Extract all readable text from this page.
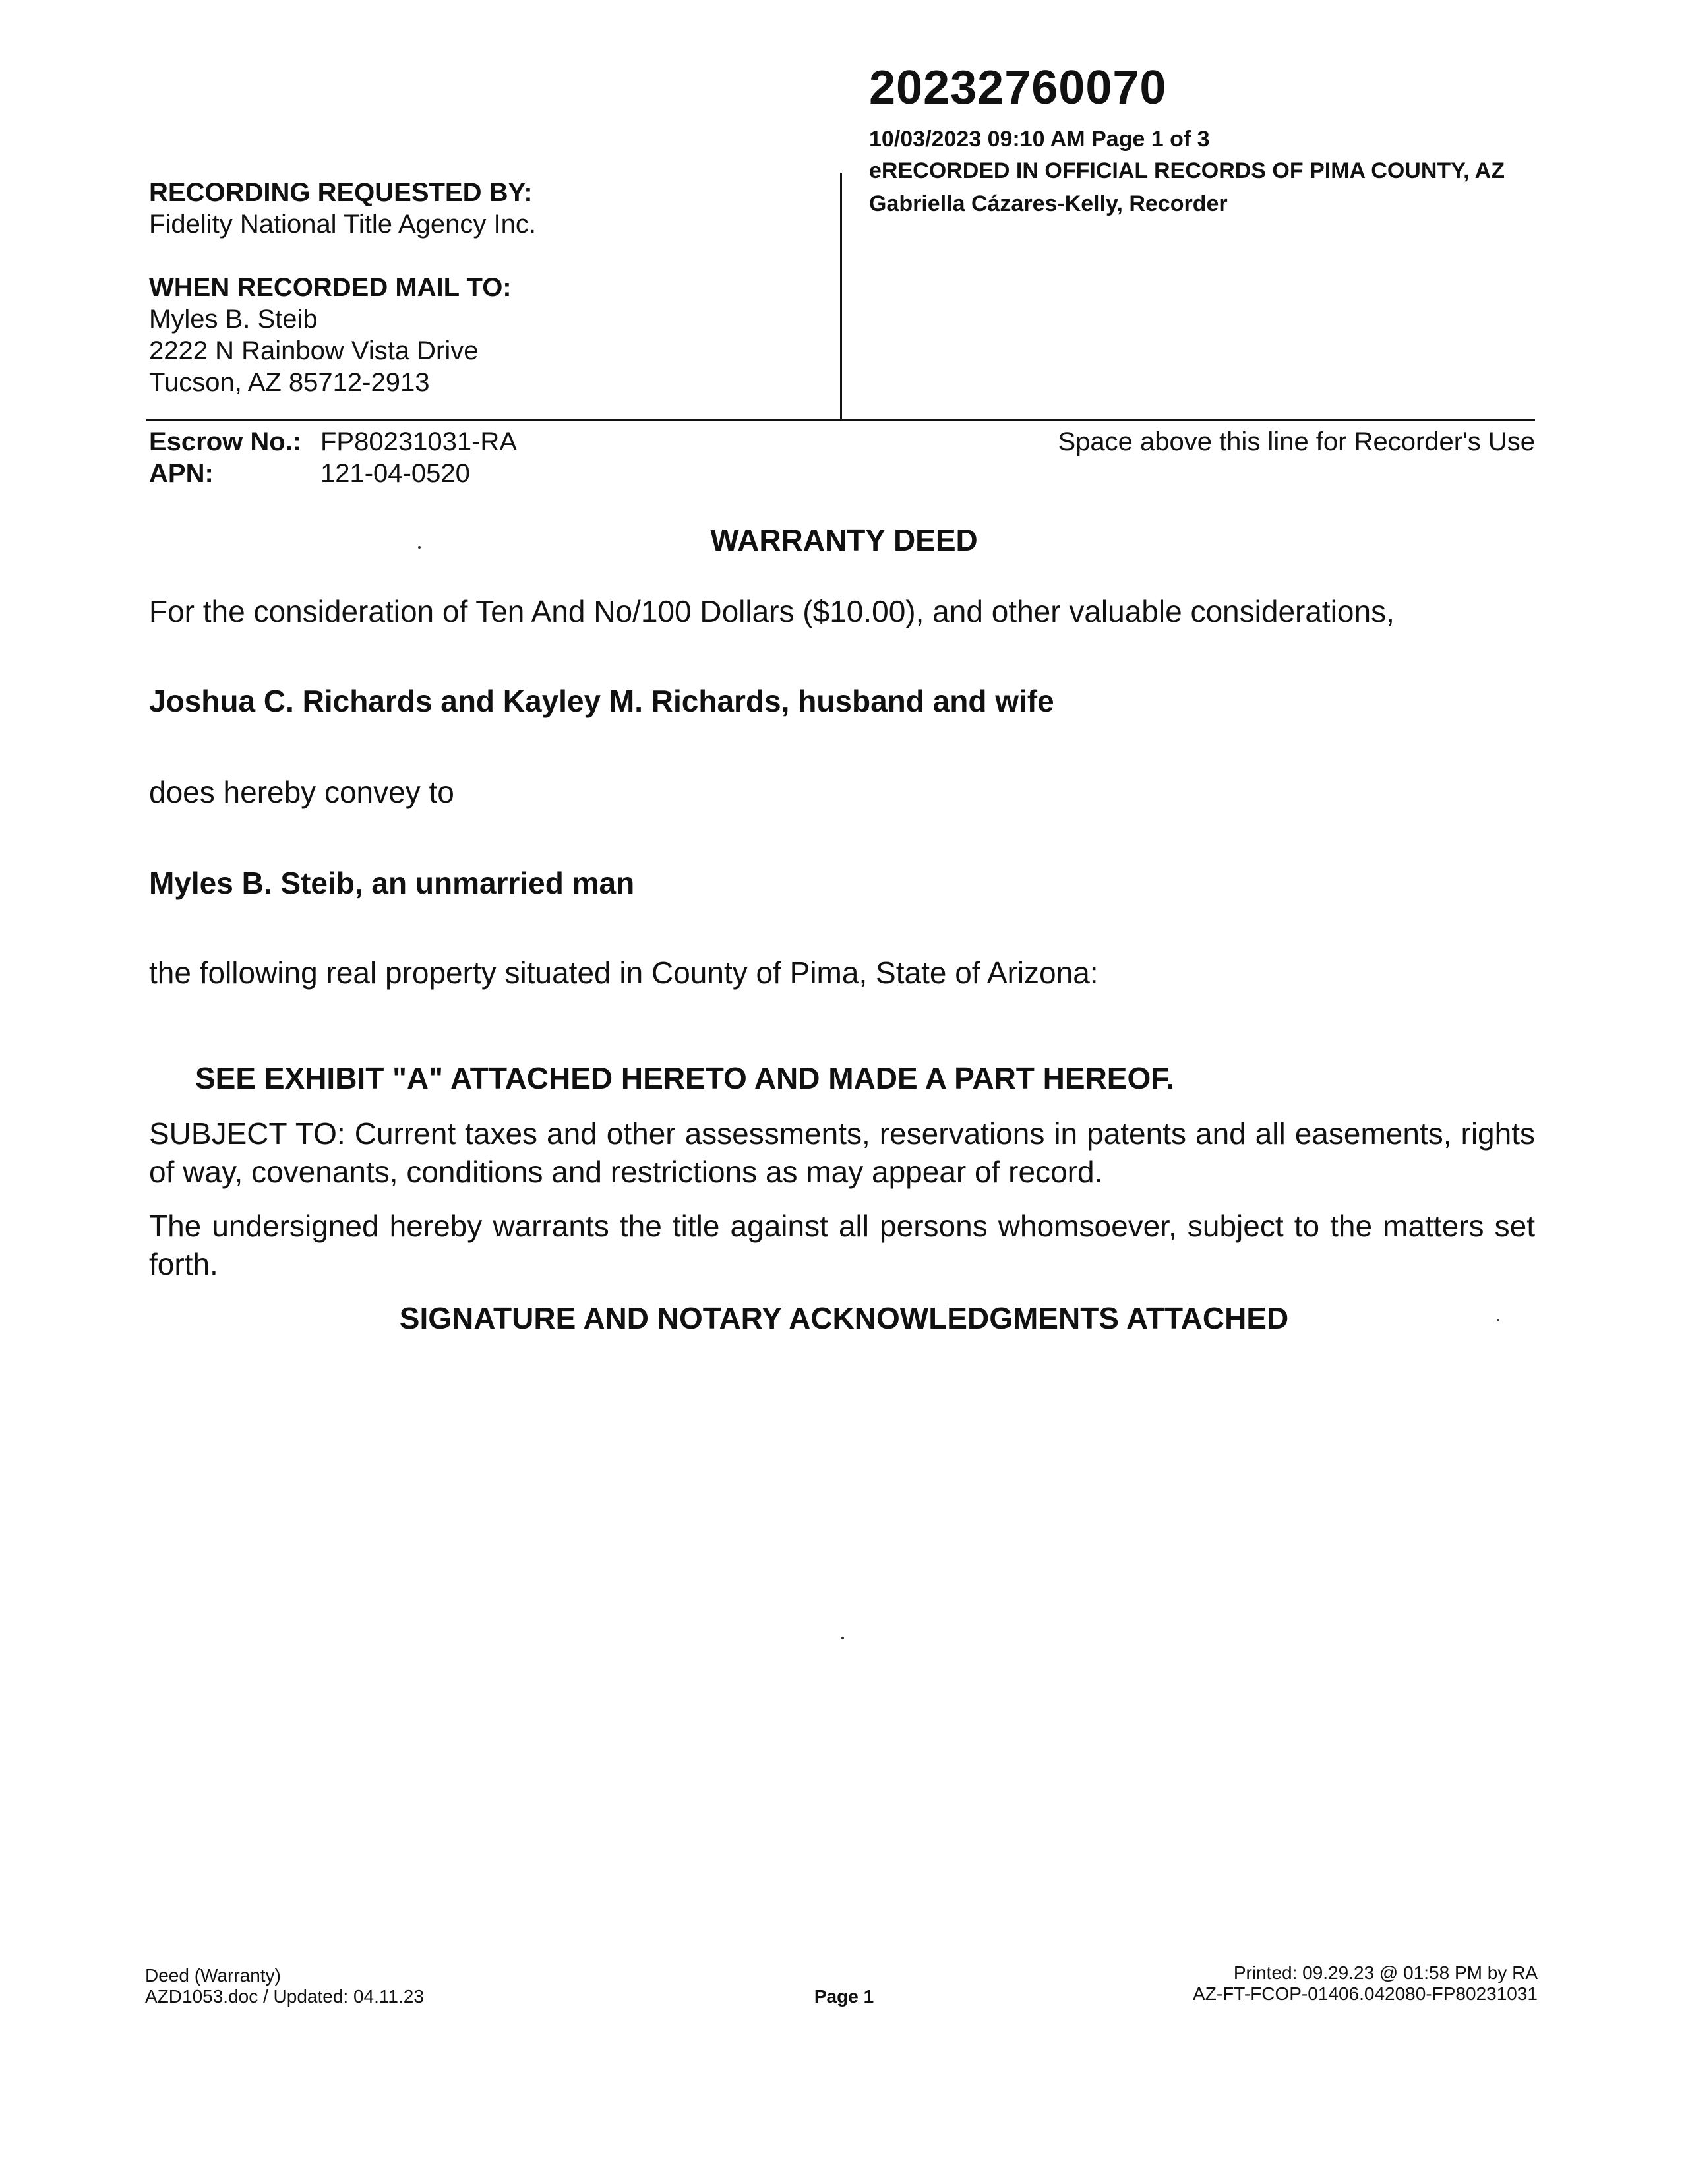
20232760070
10/03/2023 09:10 AM Page 1 of 3
eRECORDED IN OFFICIAL RECORDS OF PIMA COUNTY, AZ
Gabriella Cázares-Kelly, Recorder
RECORDING REQUESTED BY:
Fidelity National Title Agency Inc.
WHEN RECORDED MAIL TO:
Myles B. Steib
2222 N Rainbow Vista Drive
Tucson, AZ 85712-2913
Escrow No.: FP80231031-RA
APN:	121-04-0520
Space above this line for Recorder's Use
WARRANTY DEED
For the consideration of Ten And No/100 Dollars ($10.00), and other valuable considerations,
Joshua C. Richards and Kayley M. Richards, husband and wife
does hereby convey to
Myles B. Steib, an unmarried man
the following real property situated in County of Pima, State of Arizona:
SEE EXHIBIT "A" ATTACHED HERETO AND MADE A PART HEREOF.
SUBJECT TO: Current taxes and other assessments, reservations in patents and all easements, rights of way, covenants, conditions and restrictions as may appear of record.
The undersigned hereby warrants the title against all persons whomsoever, subject to the matters set forth.
SIGNATURE AND NOTARY ACKNOWLEDGMENTS ATTACHED
Deed (Warranty)
AZD1053.doc / Updated: 04.11.23	Page 1
Printed: 09.29.23 @ 01:58 PM by RA
AZ-FT-FCOP-01406.042080-FP80231031
